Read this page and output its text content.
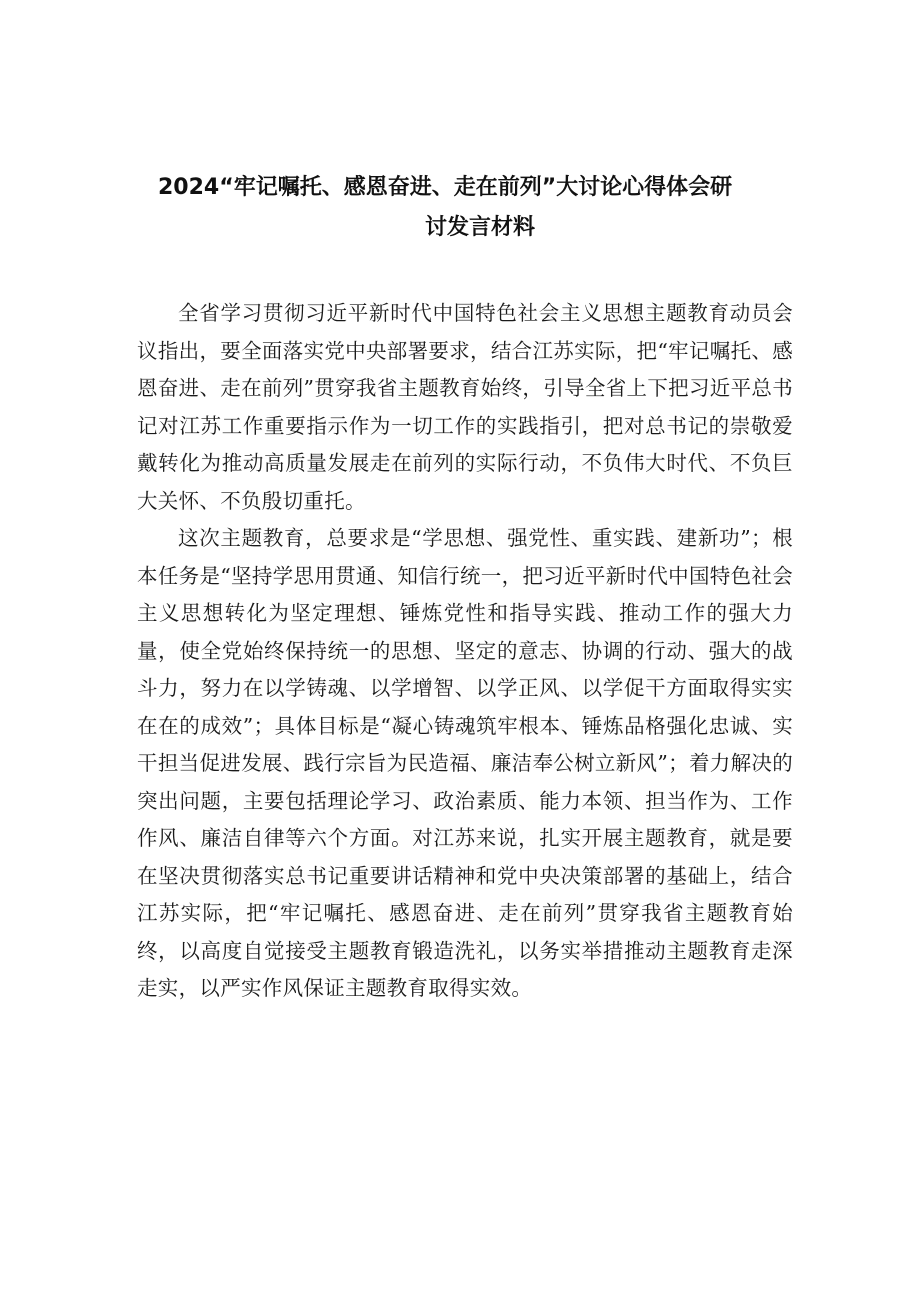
2024“牢记嘱托、感恩奋进、走在前列”大讨论心得体会研
讨发言材料

全省学习贯彻习近平新时代中国特色社会主义思想主题教育动员会议指出，要全面落实党中央部署要求，结合江苏实际，把“牢记嘱托、感恩奋进、走在前列”贯穿我省主题教育始终，引导全省上下把习近平总书记对江苏工作重要指示作为一切工作的实践指引，把对总书记的崇敬爱戴转化为推动高质量发展走在前列的实际行动，不负伟大时代、不负巨大关怀、不负殷切重托。

这次主题教育，总要求是“学思想、强党性、重实践、建新功”；根本任务是“坚持学思用贯通、知信行统一，把习近平新时代中国特色社会主义思想转化为坚定理想、锤炼党性和指导实践、推动工作的强大力量，使全党始终保持统一的思想、坚定的意志、协调的行动、强大的战斗力，努力在以学铸魂、以学增智、以学正风、以学促干方面取得实实在在的成效”；具体目标是“凝心铸魂筑牢根本、锤炼品格强化忠诚、实干担当促进发展、践行宗旨为民造福、廉洁奉公树立新风”；着力解决的突出问题，主要包括理论学习、政治素质、能力本领、担当作为、工作作风、廉洁自律等六个方面。对江苏来说，扎实开展主题教育，就是要在坚决贯彻落实总书记重要讲话精神和党中央决策部署的基础上，结合江苏实际，把“牢记嘱托、感恩奋进、走在前列”贯穿我省主题教育始终，以高度自觉接受主题教育锻造洗礼，以务实举措推动主题教育走深走实，以严实作风保证主题教育取得实效。
